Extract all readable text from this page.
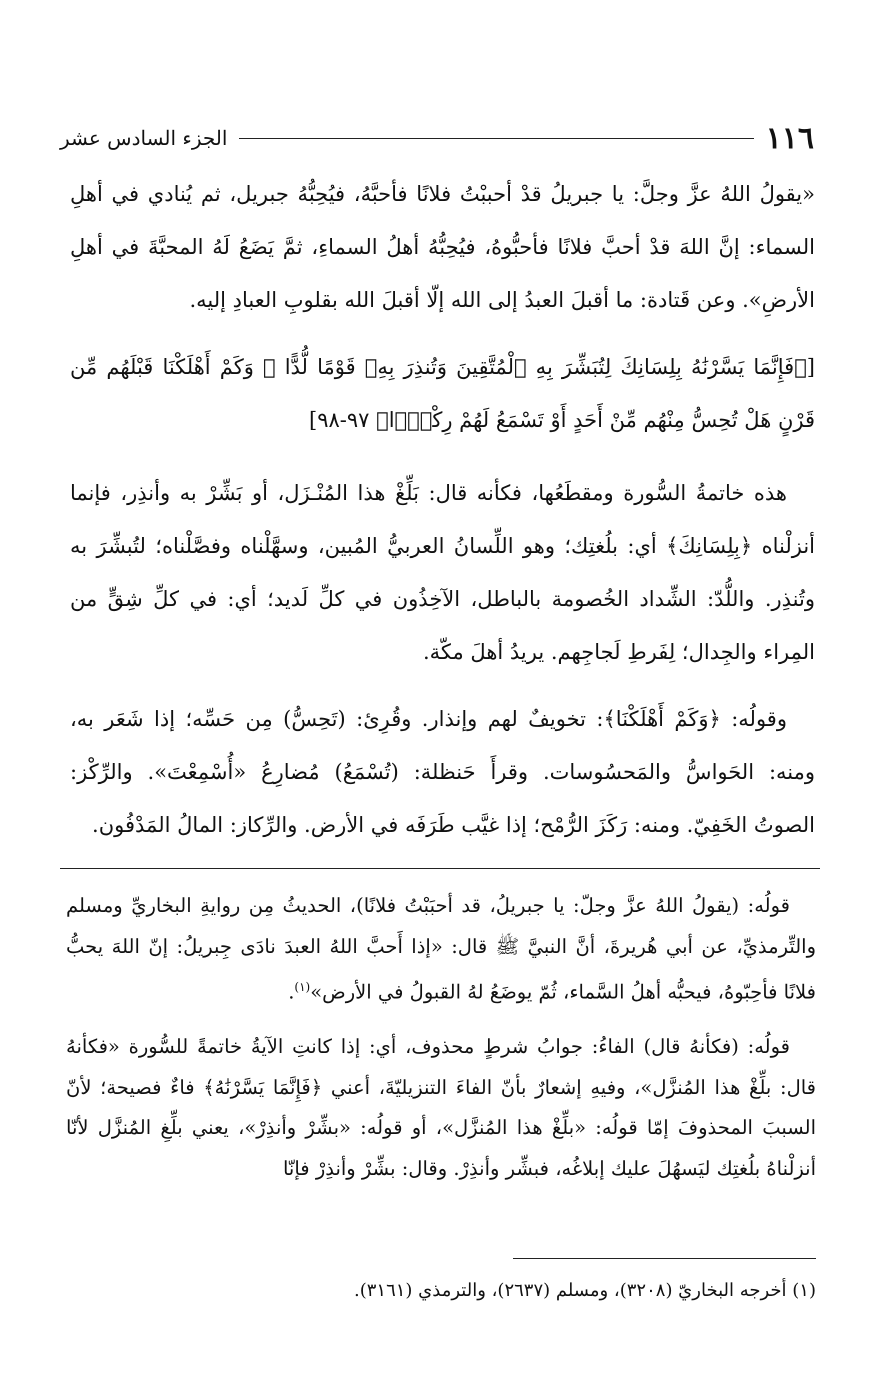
١١٦
الجزء السادس عشر

«يقولُ اللهُ عزَّ وجلَّ: يا جبريلُ قدْ أحببْتُ فلانًا فأحبَّهُ، فيُحِبُّهُ جبريل، ثم يُنادي في أهلِ السماء: إنَّ اللهَ قدْ أحبَّ فلانًا فأحبُّوهُ، فيُحِبُّهُ أهلُ السماءِ، ثمَّ يَضَعُ لَهُ المحبَّةَ في أهلِ الأرضِ». وعن قَتادة: ما أقبلَ العبدُ إلى الله إلّا أقبلَ الله بقلوبِ العبادِ إليه.

[﴿فَإِنَّمَا يَسَّرْنَٰهُ بِلِسَانِكَ لِتُبَشِّرَ بِهِ ٱلْمُتَّقِينَ وَتُنذِرَ بِهِۦ قَوْمًا لُّدًّا ۞ وَكَمْ أَهْلَكْنَا قَبْلَهُم مِّن قَرْنٍ هَلْ تُحِسُّ مِنْهُم مِّنْ أَحَدٍ أَوْ تَسْمَعُ لَهُمْ رِكْزًۢا﴾ ٩٧-٩٨]

هذه خاتمةُ السُّورة ومقطَعُها، فكأنه قال: بَلِّغْ هذا المُنْـزَل، أو بَشِّرْ به وأنذِر، فإنما أنزلْناه ﴿بِلِسَانِكَ﴾ أي: بلُغتِك؛ وهو اللِّسانُ العربيُّ المُبين، وسهَّلْناه وفصَّلْناه؛ لتُبشِّرَ به وتُنذِر. واللُّدّ: الشِّداد الخُصومة بالباطل، الآخِذُون في كلِّ لَديد؛ أي: في كلِّ شِقٍّ من المِراء والجِدال؛ لِفَرطِ لَجاجِهم. يريدُ أهلَ مكّة.

وقولُه: ﴿وَكَمْ أَهْلَكْنَا﴾: تخويفٌ لهم وإنذار. وقُرِئ: (تَحِسُّ) مِن حَسِّه؛ إذا شَعَر به، ومنه: الحَواسُّ والمَحسُوسات. وقرأَ حَنظلة: (تُسْمَعُ) مُضارِعُ «أُسْمِعْتَ». والرِّكْز: الصوتُ الخَفِيّ. ومنه: رَكَزَ الرُّمْح؛ إذا غيَّب طَرَفَه في الأرض. والرِّكاز: المالُ المَدْفُون.

قولُه: (يقولُ اللهُ عزَّ وجلّ: يا جبريلُ، قد أحبَبْتُ فلانًا)، الحديثُ مِن روايةِ البخاريِّ ومسلم والتِّرمذيِّ، عن أبي هُريرةَ، أنَّ النبيَّ ﷺ قال: «إذا أَحبَّ اللهُ العبدَ نادَى جِبريلُ: إنّ اللهَ يحبُّ فلانًا فأحِبّوهُ، فيحبُّه أهلُ السَّماء، ثُمّ يوضَعُ لهُ القبولُ في الأرض»$^{(١)}$.

قولُه: (فكأنهُ قال) الفاءُ: جوابُ شرطٍ محذوف، أي: إذا كانتِ الآيةُ خاتمةً للسُّورة «فكأنهُ قال: بلِّغْ هذا المُنزَّل»، وفيهِ إشعارٌ بأنّ الفاءَ التنزيليّةَ، أعني ﴿فَإِنَّمَا يَسَّرْنَٰهُ﴾ فاءٌ فصيحة؛ لأنّ السببَ المحذوفَ إمّا قولُه: «بلِّغْ هذا المُنزَّل»، أو قولُه: «بشِّرْ وأنذِرْ»، يعني بلِّغِ المُنزَّل لأنّا أنزلْناهُ بلُغتِك ليَسهُلَ عليك إبلاغُه، فبشِّر وأنذِرْ. وقال: بشِّرْ وأنذِرْ فإنّا

(١) أخرجه البخاريّ (٣٢٠٨)، ومسلم (٢٦٣٧)، والترمذي (٣١٦١).
